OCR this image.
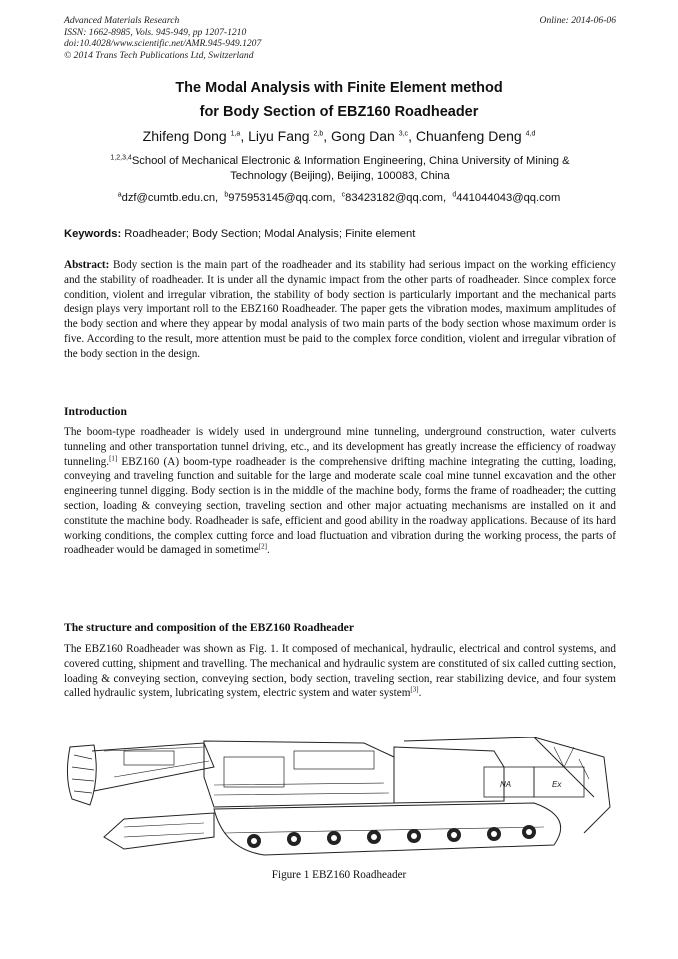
Advanced Materials Research
ISSN: 1662-8985, Vols. 945-949, pp 1207-1210
doi:10.4028/www.scientific.net/AMR.945-949.1207
© 2014 Trans Tech Publications Ltd, Switzerland
Online: 2014-06-06
The Modal Analysis with Finite Element method
for Body Section of EBZ160 Roadheader
Zhifeng Dong $^{1,a}$, Liyu Fang $^{2,b}$, Gong Dan $^{3,c}$, Chuanfeng Deng $^{4,d}$
$^{1,2,3,4}$School of Mechanical Electronic & Information Engineering, China University of Mining &
Technology (Beijing), Beijing, 100083, China
$^a$dzf@cumtb.edu.cn, $^b$975953145@qq.com, $^c$83423182@qq.com, $^d$441044043@qq.com
Keywords: Roadheader; Body Section; Modal Analysis; Finite element

Abstract: Body section is the main part of the roadheader and its stability had serious impact on the working efficiency and the stability of roadheader. It is under all the dynamic impact from the other parts of roadheader. Since complex force condition, violent and irregular vibration, the stability of body section is particularly important and the mechanical parts design plays very important roll to the EBZ160 Roadheader. The paper gets the vibration modes, maximum amplitudes of the body section and where they appear by modal analysis of two main parts of the body section whose maximum order is five. According to the result, more attention must be paid to the complex force condition, violent and irregular vibration of the body section in the design.

Introduction

The boom-type roadheader is widely used in underground mine tunneling, underground construction, water culverts tunneling and other transportation tunnel driving, etc., and its development has greatly increase the efficiency of roadway tunneling.[1] EBZ160 (A) boom-type roadheader is the comprehensive drifting machine integrating the cutting, loading, conveying and traveling function and suitable for the large and moderate scale coal mine tunnel excavation and the other engineering tunnel digging. Body section is in the middle of the machine body, forms the frame of roadheader; the cutting section, loading & conveying section, traveling section and other major actuating mechanisms are installed on it and constitute the machine body. Roadheader is safe, efficient and good ability in the roadway applications. Because of its hard working conditions, the complex cutting force and load fluctuation and vibration during the working process, the parts of roadheader would be damaged in sometime[2].

The structure and composition of the EBZ160 Roadheader

The EBZ160 Roadheader was shown as Fig. 1. It composed of mechanical, hydraulic, electrical and control systems, and covered cutting, shipment and travelling. The mechanical and hydraulic system are constituted of six called cutting section, loading & conveying section, conveying section, body section, traveling section, rear stabilizing device, and four system called hydraulic system, lubricating system, electric system and water system[3].

NA	Ex
Figure 1 EBZ160 Roadheader
